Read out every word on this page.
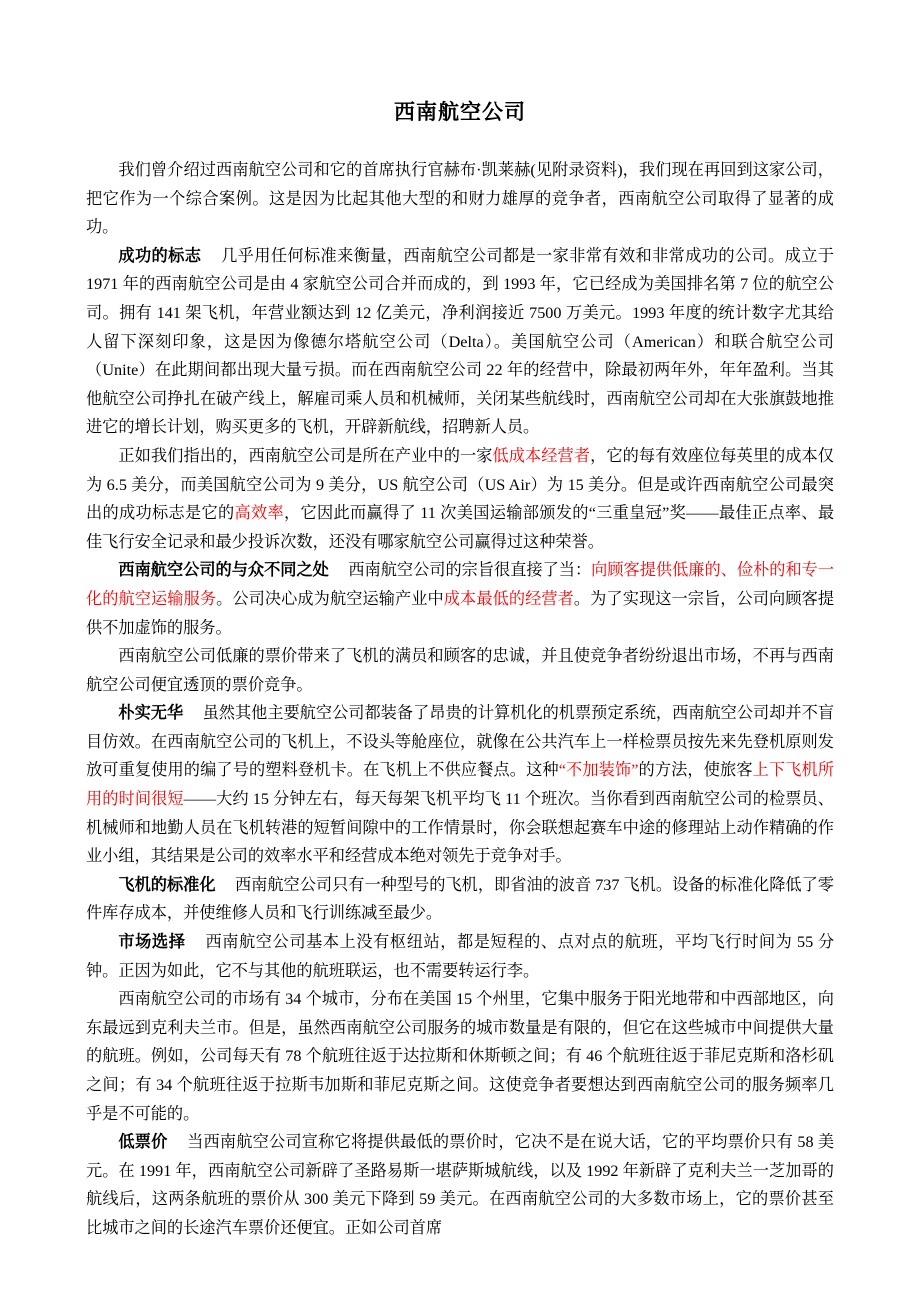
西南航空公司

我们曾介绍过西南航空公司和它的首席执行官赫布·凯莱赫(见附录资料)，我们现在再回到这家公司，把它作为一个综合案例。这是因为比起其他大型的和财力雄厚的竞争者，西南航空公司取得了显著的成功。

成功的标志 几乎用任何标准来衡量，西南航空公司都是一家非常有效和非常成功的公司。成立于 1971 年的西南航空公司是由 4 家航空公司合并而成的，到 1993 年，它已经成为美国排名第 7 位的航空公司。拥有 141 架飞机，年营业额达到 12 亿美元，净利润接近 7500 万美元。1993 年度的统计数字尤其给人留下深刻印象，这是因为像德尔塔航空公司（Delta）。美国航空公司（American）和联合航空公司（Unite）在此期间都出现大量亏损。而在西南航空公司 22 年的经营中，除最初两年外，年年盈利。当其他航空公司挣扎在破产线上，解雇司乘人员和机械师，关闭某些航线时，西南航空公司却在大张旗鼓地推进它的增长计划，购买更多的飞机，开辟新航线，招聘新人员。

正如我们指出的，西南航空公司是所在产业中的一家低成本经营者，它的每有效座位每英里的成本仅为 6.5 美分，而美国航空公司为 9 美分，US 航空公司（US Air）为 15 美分。但是或许西南航空公司最突出的成功标志是它的高效率，它因此而赢得了 11 次美国运输部颁发的“三重皇冠”奖——最佳正点率、最佳飞行安全记录和最少投诉次数，还没有哪家航空公司赢得过这种荣誉。

西南航空公司的与众不同之处 西南航空公司的宗旨很直接了当：向顾客提供低廉的、俭朴的和专一化的航空运输服务。公司决心成为航空运输产业中成本最低的经营者。为了实现这一宗旨，公司向顾客提供不加虚饰的服务。

西南航空公司低廉的票价带来了飞机的满员和顾客的忠诚，并且使竞争者纷纷退出市场，不再与西南航空公司便宜透顶的票价竞争。

朴实无华 虽然其他主要航空公司都装备了昂贵的计算机化的机票预定系统，西南航空公司却并不盲目仿效。在西南航空公司的飞机上，不设头等舱座位，就像在公共汽车上一样检票员按先来先登机原则发放可重复使用的编了号的塑料登机卡。在飞机上不供应餐点。这种“不加装饰”的方法，使旅客上下飞机所用的时间很短——大约 15 分钟左右，每天每架飞机平均飞 11 个班次。当你看到西南航空公司的检票员、机械师和地勤人员在飞机转港的短暂间隙中的工作情景时，你会联想起赛车中途的修理站上动作精确的作业小组，其结果是公司的效率水平和经营成本绝对领先于竞争对手。

飞机的标准化 西南航空公司只有一种型号的飞机，即省油的波音 737 飞机。设备的标准化降低了零件库存成本，并使维修人员和飞行训练减至最少。

市场选择 西南航空公司基本上没有枢纽站，都是短程的、点对点的航班，平均飞行时间为 55 分钟。正因为如此，它不与其他的航班联运，也不需要转运行李。

西南航空公司的市场有 34 个城市，分布在美国 15 个州里，它集中服务于阳光地带和中西部地区，向东最远到克利夫兰市。但是，虽然西南航空公司服务的城市数量是有限的，但它在这些城市中间提供大量的航班。例如，公司每天有 78 个航班往返于达拉斯和休斯顿之间；有 46 个航班往返于菲尼克斯和洛杉矶之间；有 34 个航班往返于拉斯韦加斯和菲尼克斯之间。这使竞争者要想达到西南航空公司的服务频率几乎是不可能的。

低票价 当西南航空公司宣称它将提供最低的票价时，它决不是在说大话，它的平均票价只有 58 美元。在 1991 年，西南航空公司新辟了圣路易斯一堪萨斯城航线，以及 1992 年新辟了克利夫兰一芝加哥的航线后，这两条航班的票价从 300 美元下降到 59 美元。在西南航空公司的大多数市场上，它的票价甚至比城市之间的长途汽车票价还便宜。正如公司首席
